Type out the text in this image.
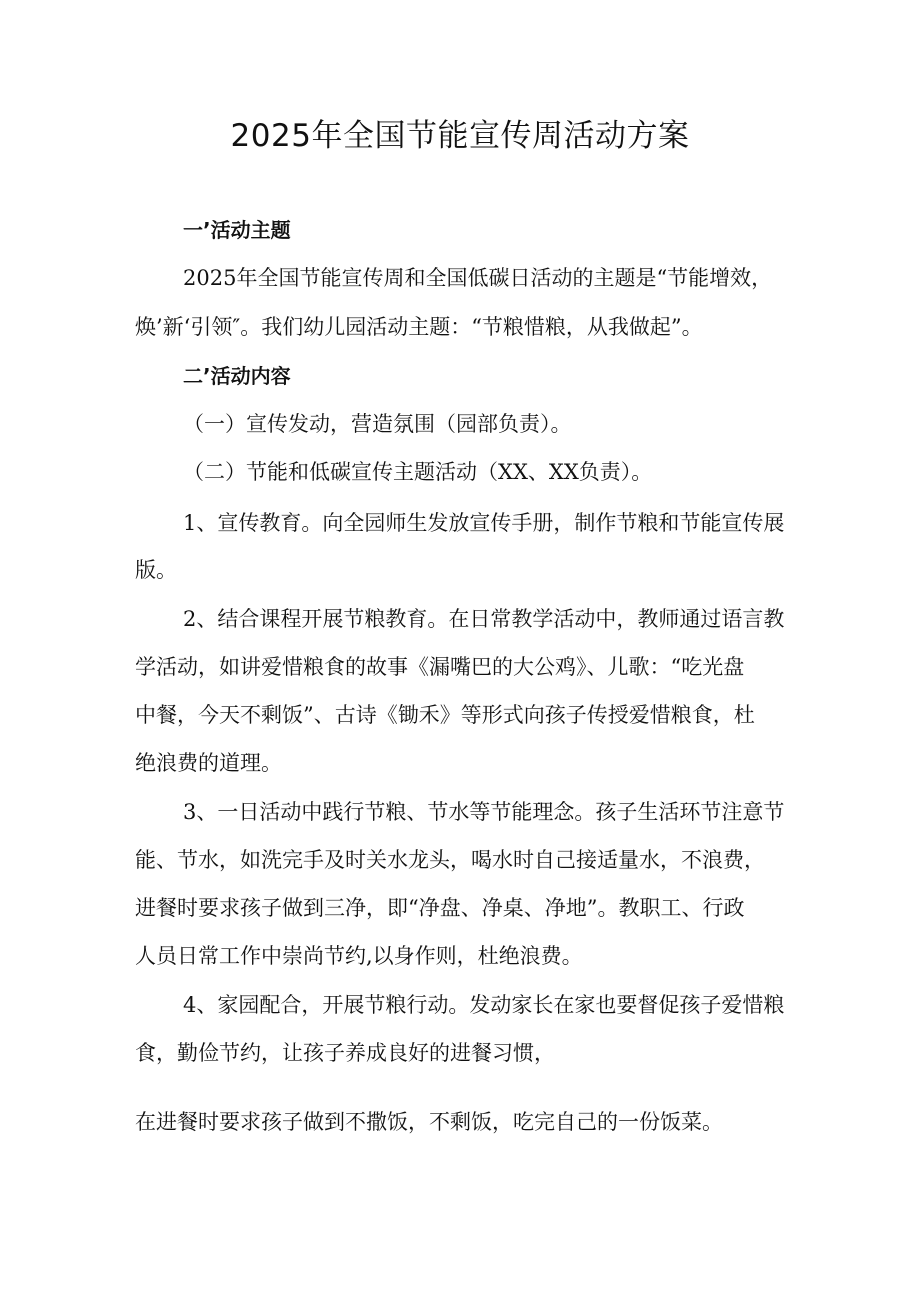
2025年全国节能宣传周活动方案
一’活动主题
2025年全国节能宣传周和全国低碳日活动的主题是“节能增效，
焕’新‘引领″。我们幼儿园活动主题：“节粮惜粮，从我做起”。
二’活动内容
（一）宣传发动，营造氛围（园部负责）。
（二）节能和低碳宣传主题活动（XX、XX负责）。
1、宣传教育。向全园师生发放宣传手册，制作节粮和节能宣传展
版。
2、结合课程开展节粮教育。在日常教学活动中，教师通过语言教
学活动，如讲爱惜粮食的故事《漏嘴巴的大公鸡》、儿歌：“吃光盘
中餐，今天不剩饭”、古诗《锄禾》等形式向孩子传授爱惜粮食，杜
绝浪费的道理。
3、一日活动中践行节粮、节水等节能理念。孩子生活环节注意节
能、节水，如洗完手及时关水龙头，喝水时自己接适量水，不浪费，
进餐时要求孩子做到三净，即“净盘、净桌、净地”。教职工、行政
人员日常工作中崇尚节约,以身作则，杜绝浪费。
4、家园配合，开展节粮行动。发动家长在家也要督促孩子爱惜粮
食，勤俭节约，让孩子养成良好的进餐习惯，
在进餐时要求孩子做到不撒饭，不剩饭，吃完自己的一份饭菜。
